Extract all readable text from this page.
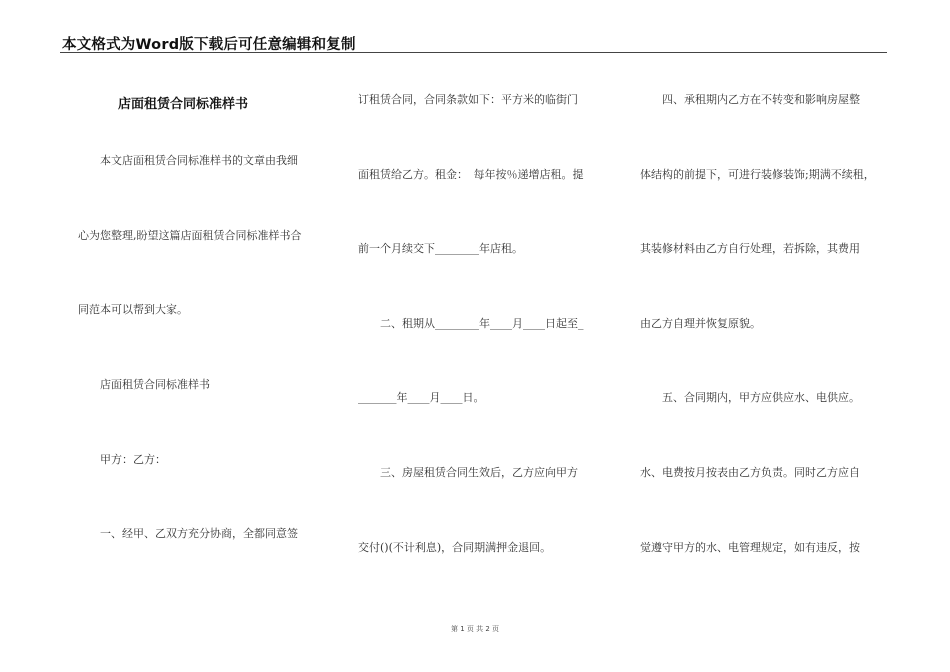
本文格式为Word版下载后可任意编辑和复制
店面租赁合同标准样书
　　本文店面租赁合同标准样书的文章由我细
心为您整理,盼望这篇店面租赁合同标准样书合
同范本可以帮到大家。
　　店面租赁合同标准样书
　　甲方：乙方：
　　一、经甲、乙双方充分协商，全都同意签
订租赁合同，合同条款如下：平方米的临街门
面租赁给乙方。租金：　每年按％递增店租。提
前一个月续交下________年店租。
　　二、租期从________年____月____日起至_
_______年____月____日。
　　三、房屋租赁合同生效后，乙方应向甲方
交付()(不计利息)，合同期满押金退回。
　　四、承租期内乙方在不转变和影响房屋整
体结构的前提下，可进行装修装饰;期满不续租，
其装修材料由乙方自行处理，若拆除，其费用
由乙方自理并恢复原貌。
　　五、合同期内，甲方应供应水、电供应。
水、电费按月按表由乙方负责。同时乙方应自
觉遵守甲方的水、电管理规定，如有违反，按
第 1 页 共 2 页
